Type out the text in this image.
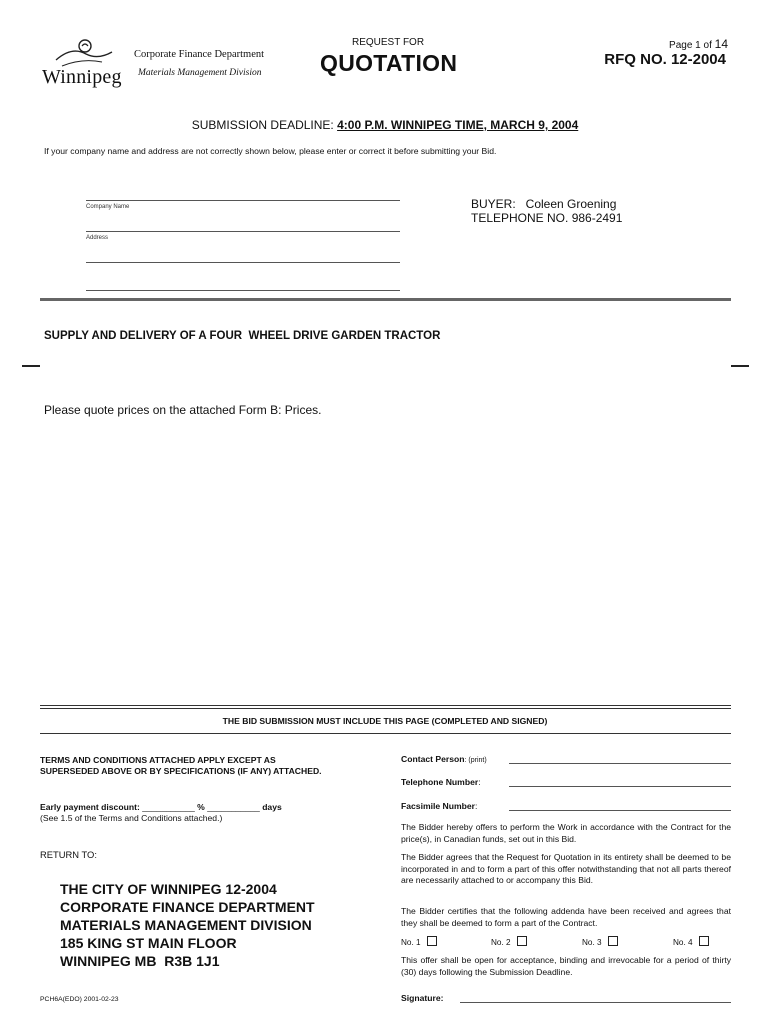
Winnipeg
Corporate Finance Department
Materials Management Division
REQUEST FOR
QUOTATION
Page 1 of 14
RFQ NO. 12-2004
SUBMISSION DEADLINE: 4:00 P.M. WINNIPEG TIME, MARCH 9, 2004
If your company name and address are not correctly shown below, please enter or correct it before submitting your Bid.
Company Name
Address
BUYER:   Coleen Groening
TELEPHONE NO. 986-2491
SUPPLY AND DELIVERY OF A FOUR  WHEEL DRIVE GARDEN TRACTOR
Please quote prices on the attached Form B: Prices.
THE BID SUBMISSION MUST INCLUDE THIS PAGE (COMPLETED AND SIGNED)
TERMS AND CONDITIONS ATTACHED APPLY EXCEPT AS
SUPERSEDED ABOVE OR BY SPECIFICATIONS (IF ANY) ATTACHED.
Early payment discount: ___________ % ___________ days
(See 1.5 of the Terms and Conditions attached.)
RETURN TO:
THE CITY OF WINNIPEG 12-2004
CORPORATE FINANCE DEPARTMENT
MATERIALS MANAGEMENT DIVISION
185 KING ST MAIN FLOOR
WINNIPEG MB  R3B 1J1
PCH6A(EDO) 2001-02-23
Contact Person: (print)
Telephone Number:
Facsimile Number:
The Bidder hereby offers to perform the Work in accordance with the Contract for the price(s), in Canadian funds, set out in this Bid.
The Bidder agrees that the Request for Quotation in its entirety shall be deemed to be incorporated in and to form a part of this offer notwithstanding that not all parts thereof are necessarily attached to or accompany this Bid.
The Bidder certifies that the following addenda have been received and agrees that they shall be deemed to form a part of the Contract.
No. 1	No. 2	No. 3	No. 4
This offer shall be open for acceptance, binding and irrevocable for a period of thirty (30) days following the Submission Deadline.
Signature:
